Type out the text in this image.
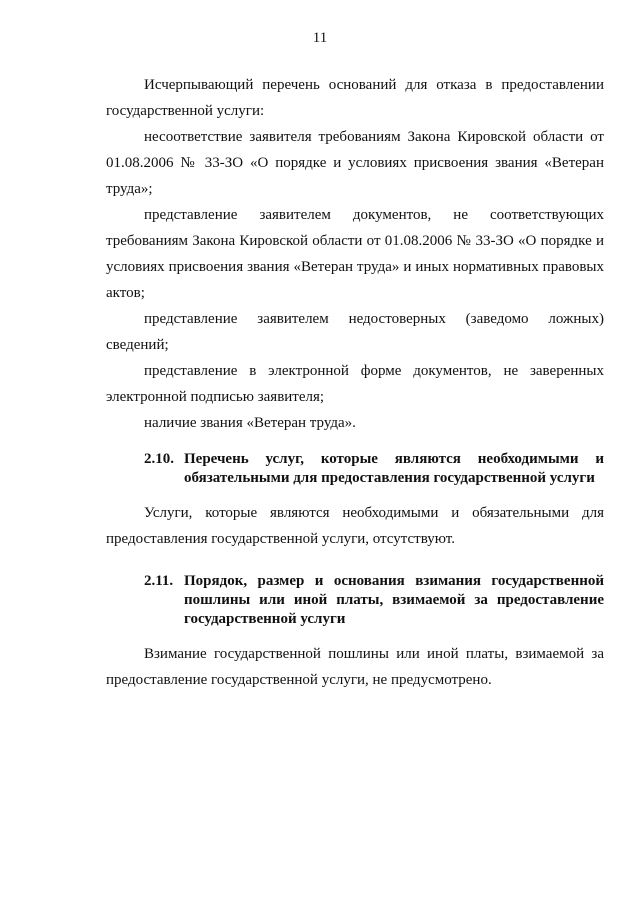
11

Исчерпывающий перечень оснований для отказа в предоставлении государственной услуги:

несоответствие заявителя требованиям Закона Кировской области от 01.08.2006 № 33-ЗО «О порядке и условиях присвоения звания «Ветеран труда»;

представление заявителем документов, не соответствующих требованиям Закона Кировской области от 01.08.2006 № 33-ЗО «О порядке и условиях присвоения звания «Ветеран труда» и иных нормативных правовых актов;

представление заявителем недостоверных (заведомо ложных) сведений;

представление в электронной форме документов, не заверенных электронной подписью заявителя;

наличие звания «Ветеран труда».

2.10. Перечень услуг, которые являются необходимыми и обязательными для предоставления государственной услуги

Услуги, которые являются необходимыми и обязательными для предоставления государственной услуги, отсутствуют.

2.11. Порядок, размер и основания взимания государственной пошлины или иной платы, взимаемой за предоставление государственной услуги

Взимание государственной пошлины или иной платы, взимаемой за предоставление государственной услуги, не предусмотрено.
